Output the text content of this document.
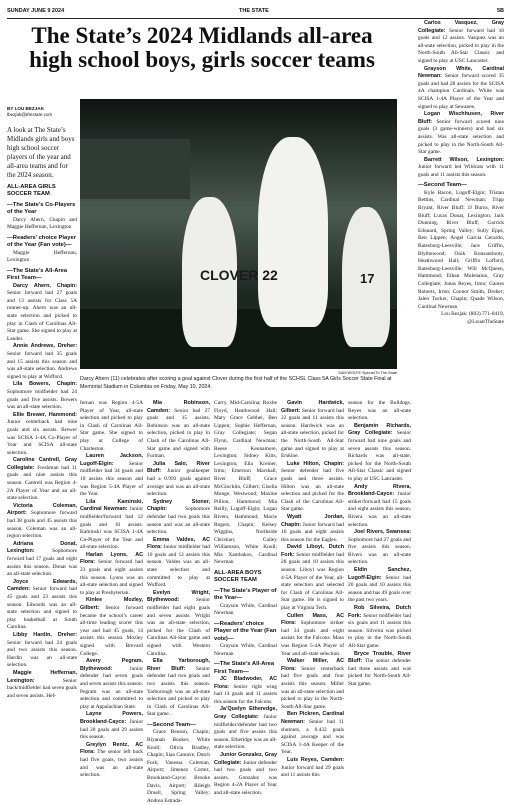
SUNDAY JUNE 9 2024	THE STATE	5B
The State’s 2024 Midlands all-area high school boys, girls soccer teams
BY LOU BEZJAK
lbezjak@thestate.com
CLOVER 22	17
SAM WOLFE Special To The State
Darcy Ahern (11) celebrates after scoring a goal against Clover during the first half of the SCHSL Class 5A Girls Soccer State Final at Memorial Stadium in Columbia on Friday, May 10, 2024.

A look at The State’s Midlands girls and boys high school soccer players of the year and all-area teams and for the 2024 season.

ALL-AREA GIRLS SOCCER TEAM

—The State’s Co-Players of the Year

Darcy Ahern, Chapin and Maggie Heffernan, Lexington

—Readers’ choice Player of the Year (Fan vote)—

Maggie Heffernan, Lexington

—The State’s All-Area First Team—

Darcy Ahern, Chapin: Senior forward had 27 goals and 13 assists for Class 5A runner-up. Ahern was an all-state selection and picked to play in Clash of Carolinas All-Star game. She signed to play at Lander.

Annie Andrews, Dreher: Senior forward had 35 goals and 15 assists this season and was all-state selection. Andrews signed to play at Wofford.

Lila Bowers, Chapin: Sophomore midfielder had 24 goals and five assists. Bowers was an all-state selection.

Ellie Brewer, Hammond: Junior centerback had nine goals and six assists. Brewer was SCISA 1-4A Co-Player of Year and SCISA all-state selection.

Caroline Cantrell, Gray Collegiate: Freshman had 11 goals and nine assists this season. Cantrell was Region 4-2A Player of Year and an all-state selection.

Victoria Coleman, Airport: Sophomore forward had 38 goals and 45 assists this season. Coleman was an all-region selection.

Adriana Donat, Lexington:	Sophomore forward had 17 goals and eight assists this season. Donat was an all-state selection.

Joyce Edwards, Camden: Senior forward had 45 goals and 23 assists this season. Edwards was an all-state selection and signed to play basketball at South Carolina.

Libby Hardin, Dreher: Senior forward had 24 goals and two assists this season. Hardin was an all-state selection.

Maggie Heffernan, Lexington:	Senior back/midfielder had seven goals and seven assists. Hef-

fernan was Region 4-5A Player of Year, all-state selection and picked to play in Clash of Carolinas All-Star game. She signed to play at College of Charleston.

Lauren Jackson, Lugoff-Elgin:	Senior midfielder had 34 goals and 10 assists this season and was Region 5-4A Player of the Year.

Lila Kaminski, Cardinal Newman: Junior midfielder/forward had 12 goals and 10 assists. Kaminski was SCISA 1-4A Co-Player of the Year and all-state selection.

Harlan Lyons, AC Flora: Senior forward had 23 goals and eight assists this season. Lyons was an all-state selection and signed to play at Presbyterian.

Kinlee Mozley, Gilbert: Senior forward became the school’s career all-time leading scorer this year and had 45 goals, 14 assists this season. Mozley signed with Brevard College.

Avery Pegram, Blythewood:	Junior defender had seven goals and seven assists this season. Pegram was an all-state selection and committed to play at Appalachian State.

Layne Powers, Brookland-Cayce: Junior had 20 goals and 29 assists this season.

Greylyn Rentz, AC Flora: The senior left back had five goals, two assists and was an all-state selection.

Mia Robinson, Camden: Senior had 27 goals and 15 assists. Robinson was an all-state selection, picked to play in Clash of the Carolinas All-Star game and signed with Furman.

Julia Salo, River Bluff: Junior goalkeeper had a 0.993 goals against average and was an all-state selection.

Sydney Stoner, Chapin:	Sophomore defender had two goals this season and was an all-state selection.

Emma Valdes, AC Flora: Junior midfielder had 10 goals and 12 assists this season. Valdes was an all-state selection and committed to play at Wofford.

Evelyn Wright, Blythewood:	Senior midfielder had eight goals and seven assists. Wright was an all-state selection, picked for the Clash of Carolinas All-Star game and signed with Western Carolina.

Ella Yarborough, River Bluff: Senior defender had two goals and two assists this season. Yarborough was an all-state selection and picked to play in Clash of Carolinas All-Star game.

—Second Team—

Grace Benson, Chapin; Riyanah Booker, White Knoll; Olivia Bradley, Chapin; Sian Cantave, Dutch Fork; Vanessa Coleman, Airport; Jimenez Cortez, Brookland-Cayce; Brooke Davis, Airport; Rileigh Druell, Spring Valley; Andrea Estrada-

Curry, Mid-Carolina; Roxbe Floyd, Heathwood Hall; Mary Grace Gebhel, Ben Lippen; Sophie Heffernan, Gray Collegiate; Segan Flynn, Cardinal Newman; Reese Kennamore, Lexington; Sidney Kitts, Lexington; Ella Kreiner, Irmo; Emerson Marshall, River Bluff; Grace McGlocklin, Gilbert; Gisella Monge, Westwood; Maxine Pillion, Hammond; Mia Reilly, Lugoff-Elgin; Logan Rivers, Hammond; Macie Rogers, Chapin; Kelsey Wiggins, Northside Christian; Cailey Williamson, White Knoll; Mia Xanthakos, Cardinal Newman

ALL-AREA BOYS SOCCER TEAM

—The State’s Player of the Year—

Grayson White, Cardinal Newman

—Readers’ choice Player of the Year (Fan vote)—

Grayson White, Cardinal Newman

—The State’s All-Area First Team—

JC Bladwoder, AC Flora: Senior right wing had 14 goals and 11 assists this season for the Falcons.

Ja’Quelyn Etheredge, Gray Collegiate: Junior midfielder/defender had two goals and five assists this season. Etheridge was an all-state selection.

Junior Gonzalez, Gray Collegiate: Junior defender had two goals and two assists. Gonzalez was Region 4-2A Player of Year and all-state selection.

Gavin Hardwick, Gilbert: Senior forward had 22 goals and 11 assists this season. Hardwick was an all-state selection, picked for the North-South All-Star game and signed to play at Erskine.

Luke Hilton, Chapin: Senior defender had five goals and three assists. Hilton was an all-state selection and picked for the Clash of the Carolinas All-Star game.

Wyatt Jordan, Chapin: Junior forward had 16 goals and eight assists this season for the Eagles.

David Liboyi, Dutch Fork: Senior midfielder had 28 goals and 10 assists this season. Liboyi was Region 4-5A Player of the Year, all-state selection and selected for Clash of Carolinas All-Star game. He is signed to play at Virginia Tech.

Cullen Mass, AC Flora: Sophomore striker had 34 goals and eight assists for the Falcons. Mass was Region 5-4A Player of Year and all-state selection.

Walker Miller, AC Flora: Senior centerback had five goals and four assists this season. Miller was an all-state selection and picked to play in the North-South All-Star game.

Ben Pickren, Cardinal Newman: Senior had 11 shutouts, a 0.432 goals against average and was SCISA 1-4A Keeper of the Year.

Luis Reyes, Camden: Junior forward had 29 goals and 11 assists this

season for the Bulldogs. Reyes was an all-state selection.

Benjamin Richards, Gray Collegiate: Senior forward had nine goals and seven assists this season. Richards was all-state, picked for the North-South All-Star Classic and signed to play at USC Lancaster.

Andy Rivera, Brookland-Cayce: Junior striker/forward had 15 goals and eight assists this season. Rivera was an all-state selection.

Joel Rivers, Swansea: Sophomore had 27 goals and five assists this season. Rivers was an all-state selection.

Eldin Sanchez, Lugoff-Elgin: Senior had 20 goals and 10 assists this season and has 49 goals over the past two years.

Rob Silveira, Dutch Fork: Senior midfielder had six goals and 11 assists this season. Silveira was picked to play in the North-South All-Star game.

Bryce Trouble, River Bluff: The senior defender had three assists and was picked for North-South All-Star game.

Carlos Vasquez, Gray Collegiate: Senior forward had 18 goals and 12 assists. Vasquez was an all-state selection, picked to play in the North-South All-Star Classic and signed to play at USC Lancaster.

Grayson White, Cardinal Newman: Senior forward scored 35 goals and had 28 assists for the SCISA 4A champion Cardinals. White was SCISA 1-4A Player of the Year and signed to play at Sewanee.

Logan Wischhusen, River Bluff: Senior forward scored nine goals (3 game-winners) and had six assists. Was all-state selection and picked to play in the North-South All-Star game.

Barrett Wilson, Lexington: Junior forward led Wildcats with 11 goals and 11 assists this season.

—Second Team—

Kyle Bacon, Lugoff-Elgin; Tristan Bettins, Cardinal Newman; Tripp Bryant, River Bluff; JJ Burns, River Bluff; Lucas Donat, Lexington; Jack Dunning, River Bluff; Garrick Edouard, Spring Valley; Sully Epps, Ben Lippen; Angel Garcia Gerardo, Batesburg-Leesville; Jace Griffin, Blythewood; Onik Konsantinoty, Heathwood Hall; Griffin Lofford, Batesburg-Leesville; Will McQueen, Hammond; Ethan Molenaino, Gray Collegiate; Jonas Reyes, Irmo; Gaines Roberts, Irmo; Connor Smith, Dreher; Jalen Tucker, Chapin; Quade Wilson, Cardinal Newman

Lou Bezjak: (803) 771-8419, @LouatTheState
